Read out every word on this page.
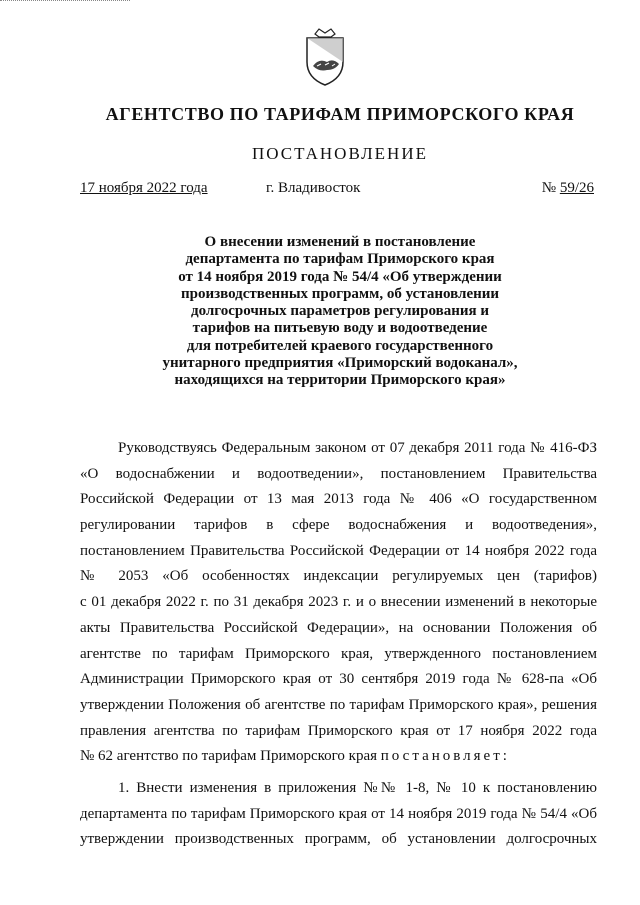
АГЕНТСТВО ПО ТАРИФАМ ПРИМОРСКОГО КРАЯ
ПОСТАНОВЛЕНИЕ
17 ноября 2022 года	г. Владивосток	№ 59/26
О внесении изменений в постановление
департамента по тарифам Приморского края
от 14 ноября 2019 года № 54/4 «Об утверждении
производственных программ, об установлении
долгосрочных параметров регулирования и
тарифов на питьевую воду и водоотведение
для потребителей краевого государственного
унитарного предприятия «Приморский водоканал»,
находящихся на территории Приморского края»
Руководствуясь Федеральным законом от 07 декабря 2011 года № 416-ФЗ
«О водоснабжении и водоотведении», постановлением Правительства
Российской Федерации от 13 мая 2013 года № 406 «О государственном
регулировании тарифов в сфере водоснабжения и водоотведения»,
постановлением Правительства Российской Федерации от 14 ноября 2022 года
№ 2053 «Об особенностях индексации регулируемых цен (тарифов)
с 01 декабря 2022 г. по 31 декабря 2023 г. и о внесении изменений в некоторые
акты Правительства Российской Федерации», на основании Положения об
агентстве по тарифам Приморского края, утвержденного постановлением
Администрации Приморского края от 30 сентября 2019 года № 628-па «Об
утверждении Положения об агентстве по тарифам Приморского края», решения
правления агентства по тарифам Приморского края от 17 ноября 2022 года
№ 62 агентство по тарифам Приморского края постановляет:
1. Внести изменения в приложения №№ 1-8, № 10 к постановлению
департамента по тарифам Приморского края от 14 ноября 2019 года № 54/4 «Об
утверждении производственных программ, об установлении долгосрочных
